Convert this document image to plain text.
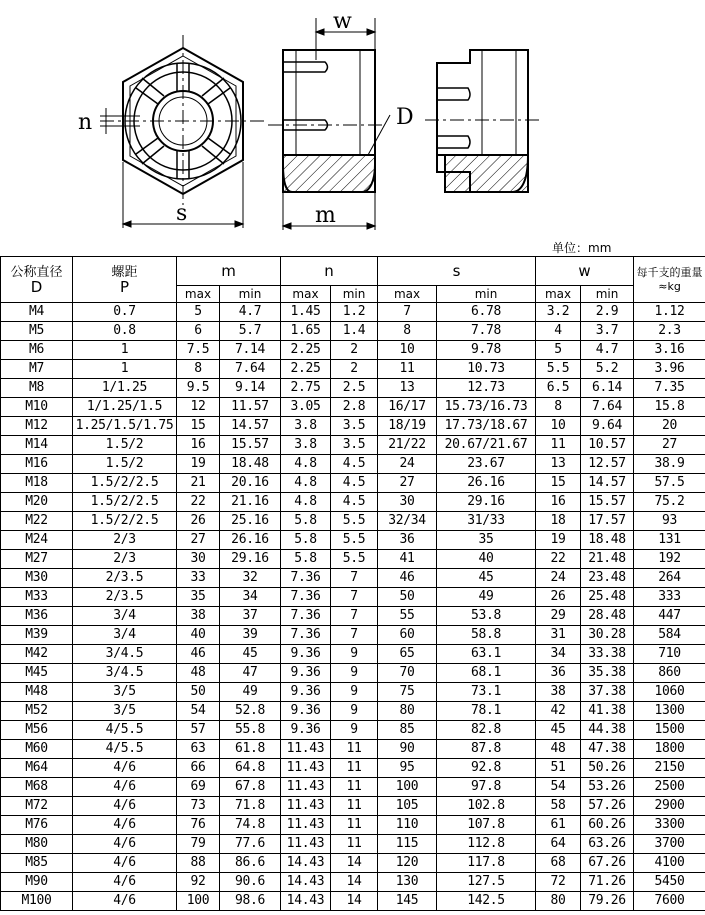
n
s
w
D
m
单位：mm
公称直径
D	螺距
P	m		n		s		w		每千支的重量≈kg
		max	min	max	min	max	min	max	min	
M4	0.7	5	4.7	1.45	1.2	7	6.78	3.2	2.9	1.12
M5	0.8	6	5.7	1.65	1.4	8	7.78	4	3.7	2.3
M6	1	7.5	7.14	2.25	2	10	9.78	5	4.7	3.16
M7	1	8	7.64	2.25	2	11	10.73	5.5	5.2	3.96
M8	1/1.25	9.5	9.14	2.75	2.5	13	12.73	6.5	6.14	7.35
M10	1/1.25/1.5	12	11.57	3.05	2.8	16/17	15.73/16.73	8	7.64	15.8
M12	1.25/1.5/1.75	15	14.57	3.8	3.5	18/19	17.73/18.67	10	9.64	20
M14	1.5/2	16	15.57	3.8	3.5	21/22	20.67/21.67	11	10.57	27
M16	1.5/2	19	18.48	4.8	4.5	24	23.67	13	12.57	38.9
M18	1.5/2/2.5	21	20.16	4.8	4.5	27	26.16	15	14.57	57.5
M20	1.5/2/2.5	22	21.16	4.8	4.5	30	29.16	16	15.57	75.2
M22	1.5/2/2.5	26	25.16	5.8	5.5	32/34	31/33	18	17.57	93
M24	2/3	27	26.16	5.8	5.5	36	35	19	18.48	131
M27	2/3	30	29.16	5.8	5.5	41	40	22	21.48	192
M30	2/3.5	33	32	7.36	7	46	45	24	23.48	264
M33	2/3.5	35	34	7.36	7	50	49	26	25.48	333
M36	3/4	38	37	7.36	7	55	53.8	29	28.48	447
M39	3/4	40	39	7.36	7	60	58.8	31	30.28	584
M42	3/4.5	46	45	9.36	9	65	63.1	34	33.38	710
M45	3/4.5	48	47	9.36	9	70	68.1	36	35.38	860
M48	3/5	50	49	9.36	9	75	73.1	38	37.38	1060
M52	3/5	54	52.8	9.36	9	80	78.1	42	41.38	1300
M56	4/5.5	57	55.8	9.36	9	85	82.8	45	44.38	1500
M60	4/5.5	63	61.8	11.43	11	90	87.8	48	47.38	1800
M64	4/6	66	64.8	11.43	11	95	92.8	51	50.26	2150
M68	4/6	69	67.8	11.43	11	100	97.8	54	53.26	2500
M72	4/6	73	71.8	11.43	11	105	102.8	58	57.26	2900
M76	4/6	76	74.8	11.43	11	110	107.8	61	60.26	3300
M80	4/6	79	77.6	11.43	11	115	112.8	64	63.26	3700
M85	4/6	88	86.6	14.43	14	120	117.8	68	67.26	4100
M90	4/6	92	90.6	14.43	14	130	127.5	72	71.26	5450
M100	4/6	100	98.6	14.43	14	145	142.5	80	79.26	7600
